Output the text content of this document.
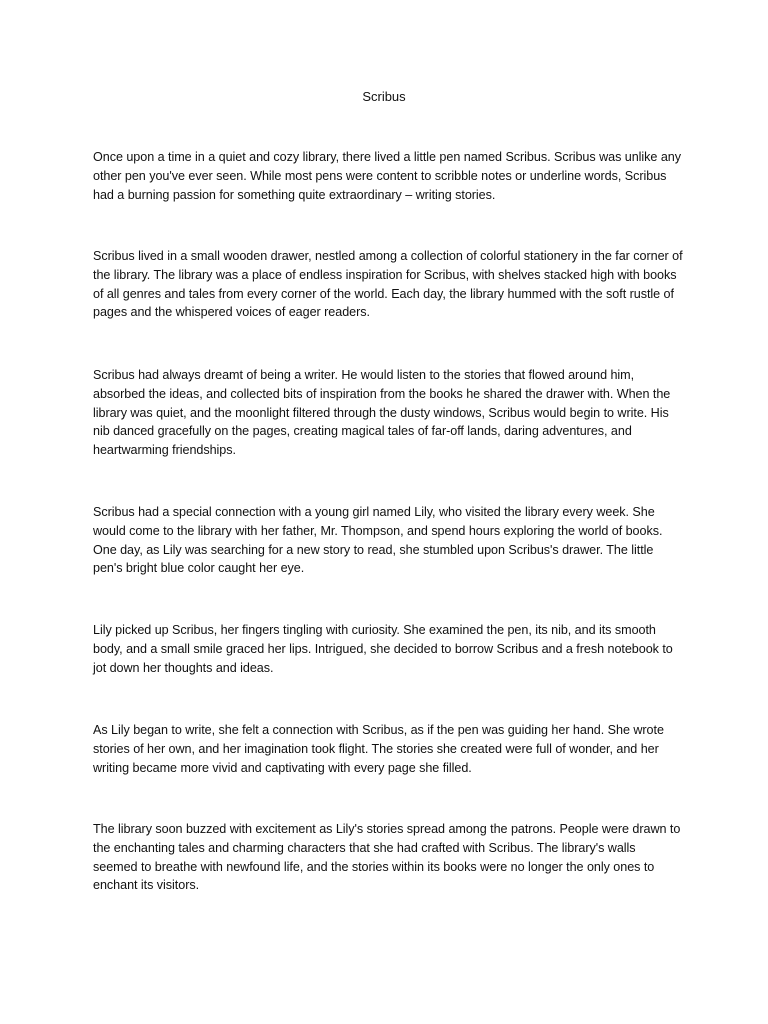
Scribus

Once upon a time in a quiet and cozy library, there lived a little pen named Scribus. Scribus was unlike any other pen you've ever seen. While most pens were content to scribble notes or underline words, Scribus had a burning passion for something quite extraordinary – writing stories.

Scribus lived in a small wooden drawer, nestled among a collection of colorful stationery in the far corner of the library. The library was a place of endless inspiration for Scribus, with shelves stacked high with books of all genres and tales from every corner of the world. Each day, the library hummed with the soft rustle of pages and the whispered voices of eager readers.

Scribus had always dreamt of being a writer. He would listen to the stories that flowed around him, absorbed the ideas, and collected bits of inspiration from the books he shared the drawer with. When the library was quiet, and the moonlight filtered through the dusty windows, Scribus would begin to write. His nib danced gracefully on the pages, creating magical tales of far-off lands, daring adventures, and heartwarming friendships.

Scribus had a special connection with a young girl named Lily, who visited the library every week. She would come to the library with her father, Mr. Thompson, and spend hours exploring the world of books. One day, as Lily was searching for a new story to read, she stumbled upon Scribus's drawer. The little pen's bright blue color caught her eye.

Lily picked up Scribus, her fingers tingling with curiosity. She examined the pen, its nib, and its smooth body, and a small smile graced her lips. Intrigued, she decided to borrow Scribus and a fresh notebook to jot down her thoughts and ideas.

As Lily began to write, she felt a connection with Scribus, as if the pen was guiding her hand. She wrote stories of her own, and her imagination took flight. The stories she created were full of wonder, and her writing became more vivid and captivating with every page she filled.

The library soon buzzed with excitement as Lily's stories spread among the patrons. People were drawn to the enchanting tales and charming characters that she had crafted with Scribus. The library's walls seemed to breathe with newfound life, and the stories within its books were no longer the only ones to enchant its visitors.
